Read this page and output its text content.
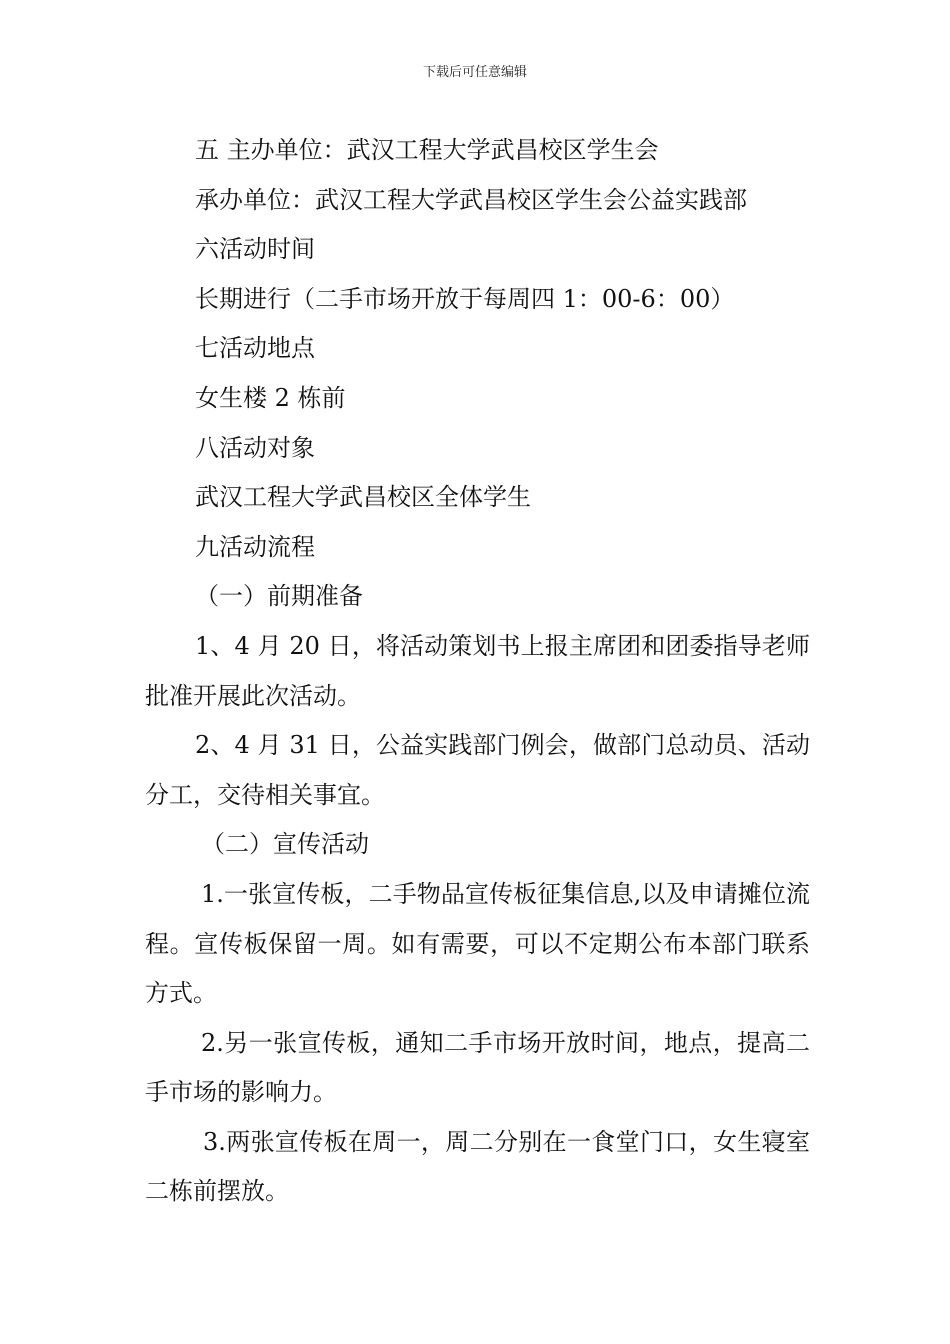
下载后可任意编辑

五 主办单位：武汉工程大学武昌校区学生会

承办单位：武汉工程大学武昌校区学生会公益实践部

六活动时间

长期进行（二手市场开放于每周四 1：00-6：00）

七活动地点

女生楼 2 栋前

八活动对象

武汉工程大学武昌校区全体学生

九活动流程

（一）前期准备

1、4 月 20 日，将活动策划书上报主席团和团委指导老师批准开展此次活动。

2、4 月 31 日，公益实践部门例会，做部门总动员、活动分工，交待相关事宜。

（二）宣传活动

1.一张宣传板，二手物品宣传板征集信息,以及申请摊位流程。宣传板保留一周。如有需要，可以不定期公布本部门联系方式。

2.另一张宣传板，通知二手市场开放时间，地点，提高二手市场的影响力。

3.两张宣传板在周一，周二分别在一食堂门口，女生寝室二栋前摆放。
